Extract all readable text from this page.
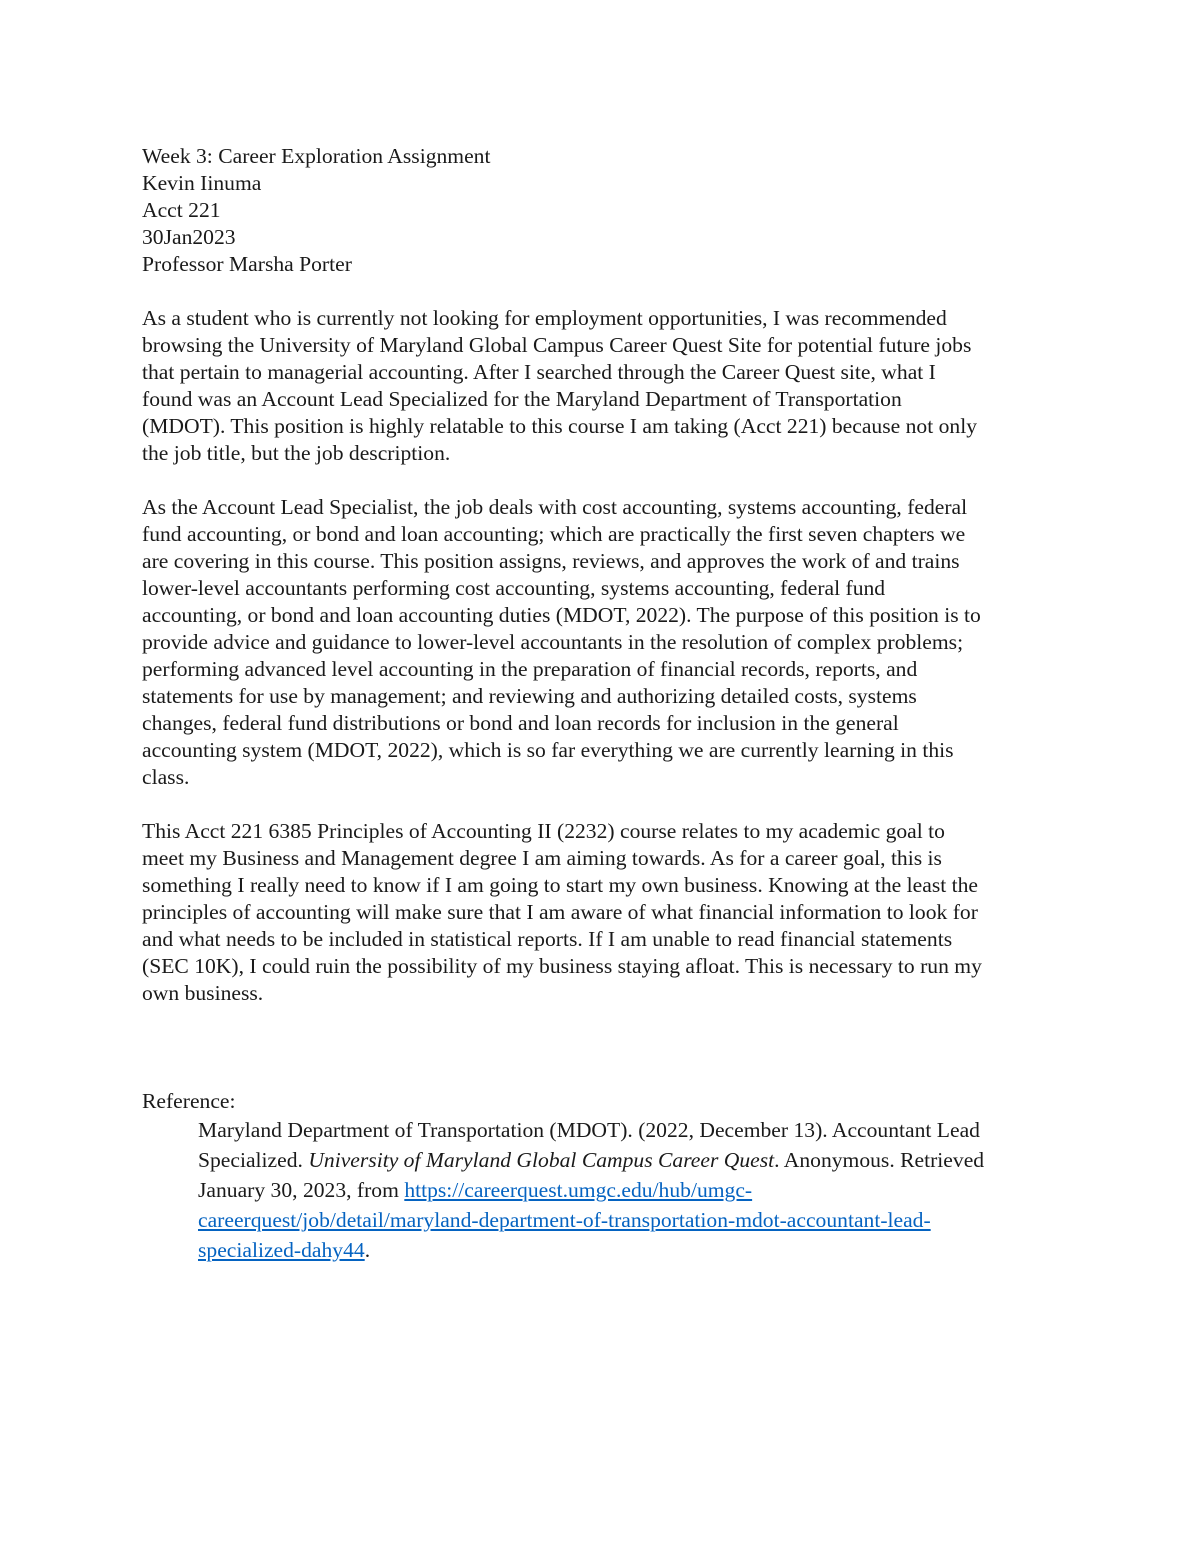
Week 3: Career Exploration Assignment
Kevin Iinuma
Acct 221
30Jan2023
Professor Marsha Porter
As a student who is currently not looking for employment opportunities, I was recommended
browsing the University of Maryland Global Campus Career Quest Site for potential future jobs
that pertain to managerial accounting. After I searched through the Career Quest site, what I
found was an Account Lead Specialized for the Maryland Department of Transportation
(MDOT). This position is highly relatable to this course I am taking (Acct 221) because not only
the job title, but the job description.
As the Account Lead Specialist, the job deals with cost accounting, systems accounting, federal
fund accounting, or bond and loan accounting; which are practically the first seven chapters we
are covering in this course. This position assigns, reviews, and approves the work of and trains
lower-level accountants performing cost accounting, systems accounting, federal fund
accounting, or bond and loan accounting duties (MDOT, 2022). The purpose of this position is to
provide advice and guidance to lower-level accountants in the resolution of complex problems;
performing advanced level accounting in the preparation of financial records, reports, and
statements for use by management; and reviewing and authorizing detailed costs, systems
changes, federal fund distributions or bond and loan records for inclusion in the general
accounting system (MDOT, 2022), which is so far everything we are currently learning in this
class.
This Acct 221 6385 Principles of Accounting II (2232) course relates to my academic goal to
meet my Business and Management degree I am aiming towards. As for a career goal, this is
something I really need to know if I am going to start my own business. Knowing at the least the
principles of accounting will make sure that I am aware of what financial information to look for
and what needs to be included in statistical reports. If I am unable to read financial statements
(SEC 10K), I could ruin the possibility of my business staying afloat. This is necessary to run my
own business.
Reference:
Maryland Department of Transportation (MDOT). (2022, December 13). Accountant Lead
Specialized. University of Maryland Global Campus Career Quest. Anonymous. Retrieved
January 30, 2023, from https://careerquest.umgc.edu/hub/umgc-
careerquest/job/detail/maryland-department-of-transportation-mdot-accountant-lead-
specialized-dahy44.
